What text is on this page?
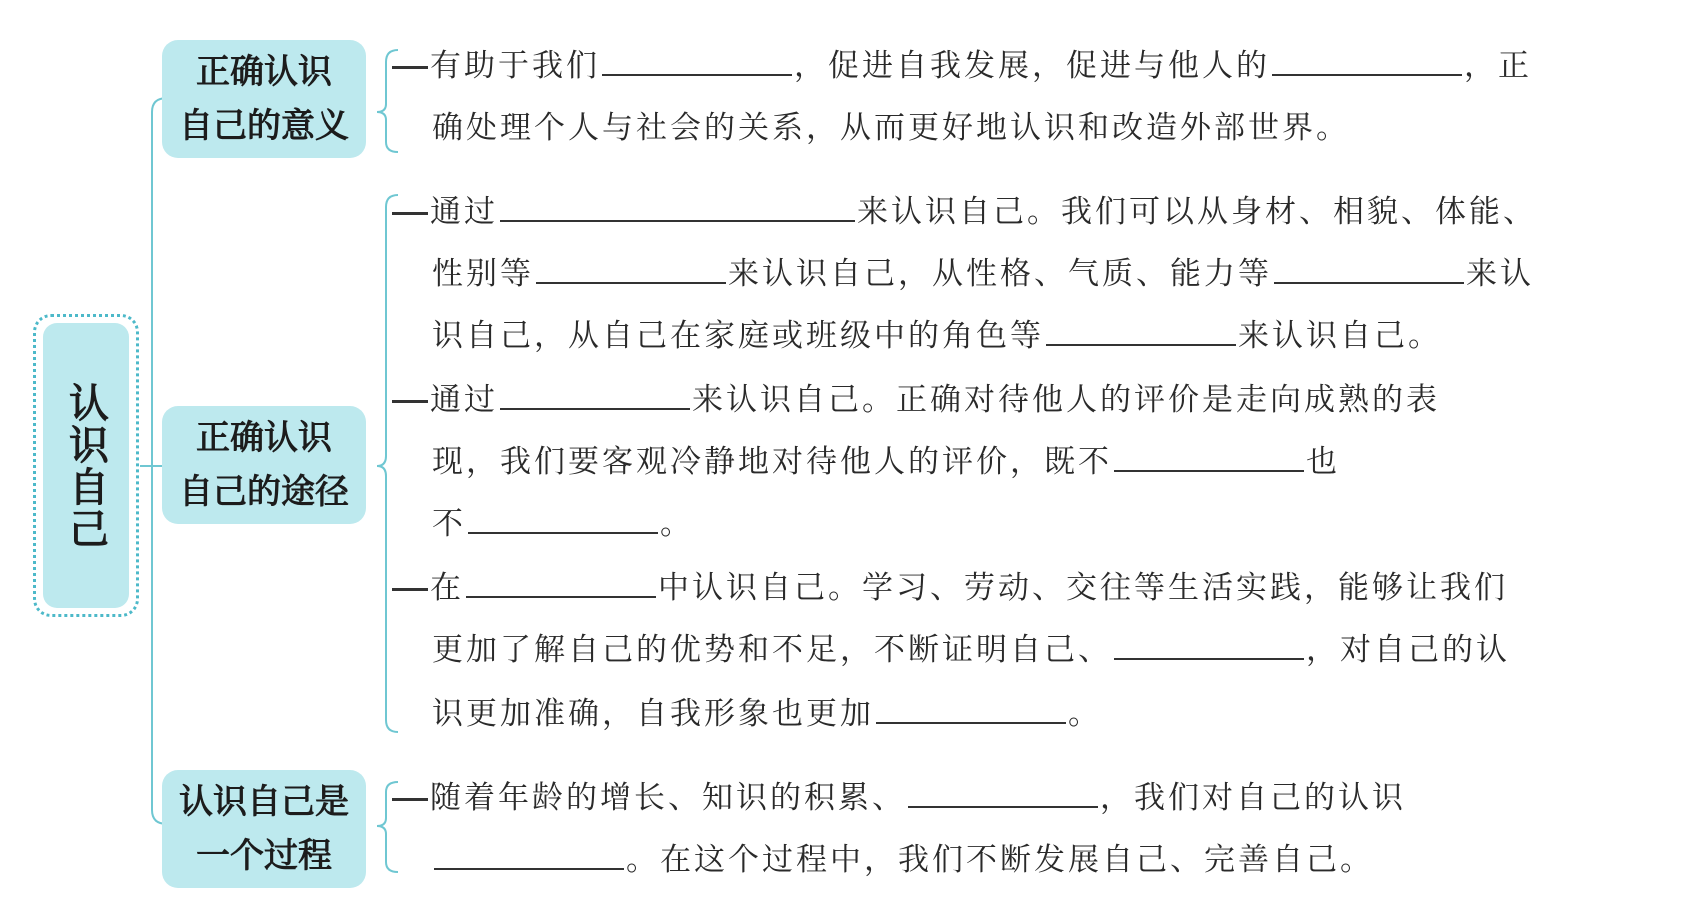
认识自己
正确认识
自己的意义
正确认识
自己的途径
认识自己是
一个过程
有助于我们	，促进自我发展，促进与他人的	，正
确处理个人与社会的关系，从而更好地认识和改造外部世界。
通过	来认识自己。我们可以从身材、相貌、体能、
性别等	来认识自己，从性格、气质、能力等	来认
识自己，从自己在家庭或班级中的角色等	来认识自己。
通过	来认识自己。正确对待他人的评价是走向成熟的表
现，我们要客观冷静地对待他人的评价，既不	也
不	。
在	中认识自己。学习、劳动、交往等生活实践，能够让我们
更加了解自己的优势和不足，不断证明自己、	，对自己的认
识更加准确，自我形象也更加	。
随着年龄的增长、知识的积累、	，我们对自己的认识
。在这个过程中，我们不断发展自己、完善自己。
